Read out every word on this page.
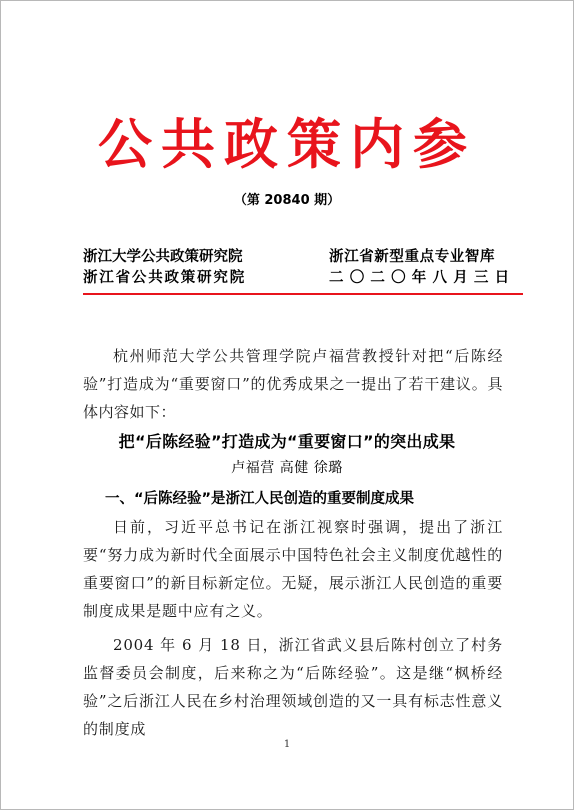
公共政策内参
（第 20840 期）
浙江大学公共政策研究院
浙江省公共政策研究院
浙江省新型重点专业智库
二〇二〇年八月三日
杭州师范大学公共管理学院卢福营教授针对把“后陈经验”打造成为“重要窗口”的优秀成果之一提出了若干建议。具体内容如下：
把“后陈经验”打造成为“重要窗口”的突出成果
卢福营 高健 徐璐
一、“后陈经验”是浙江人民创造的重要制度成果
日前，习近平总书记在浙江视察时强调，提出了浙江要“努力成为新时代全面展示中国特色社会主义制度优越性的重要窗口”的新目标新定位。无疑，展示浙江人民创造的重要制度成果是题中应有之义。
2004 年 6 月 18 日，浙江省武义县后陈村创立了村务监督委员会制度，后来称之为“后陈经验”。这是继“枫桥经验”之后浙江人民在乡村治理领域创造的又一具有标志性意义的制度成
1
